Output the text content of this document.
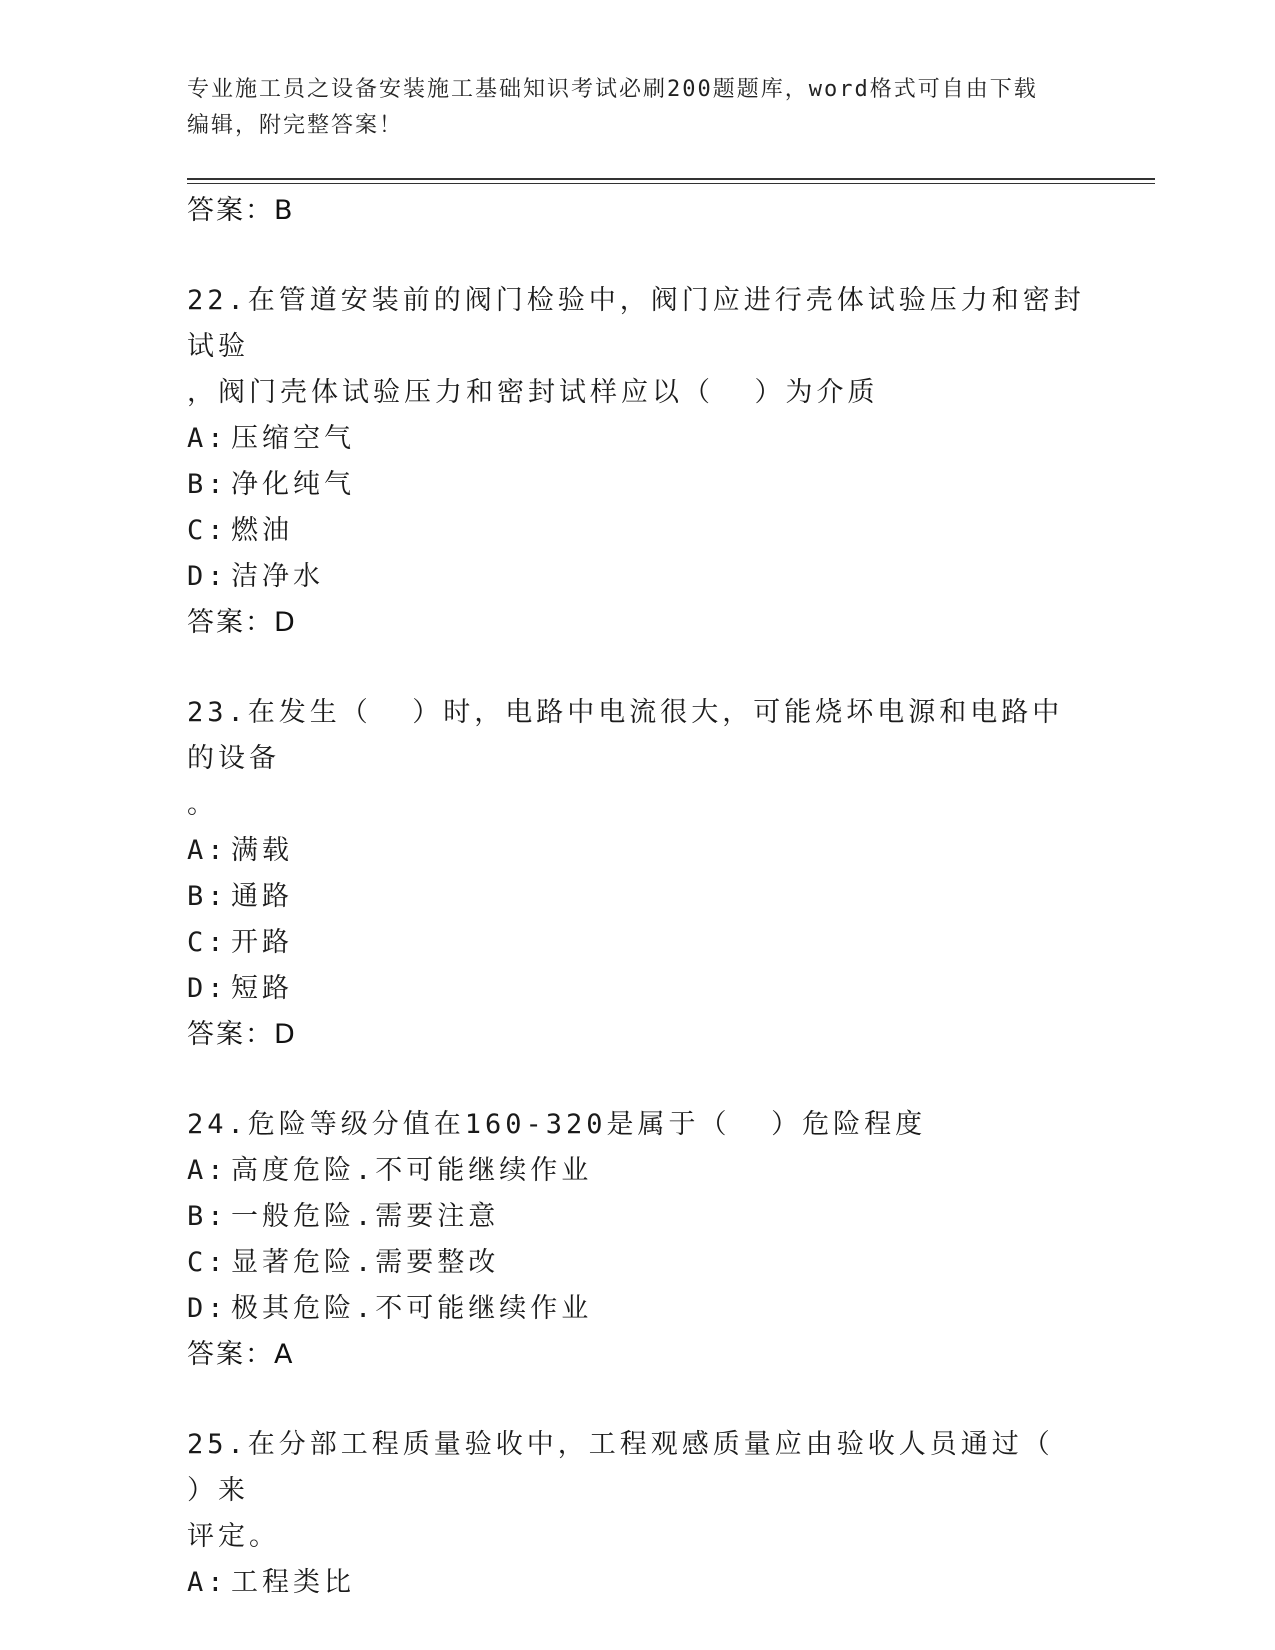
专业施工员之设备安装施工基础知识考试必刷200题题库，word格式可自由下载
编辑，附完整答案！
答案：B
22.在管道安装前的阀门检验中，阀门应进行壳体试验压力和密封试验
，阀门壳体试验压力和密封试样应以（  ）为介质
A: 压缩空气
B: 净化纯气
C: 燃油
D: 洁净水
答案：D
23.在发生（  ）时，电路中电流很大，可能烧坏电源和电路中的设备
。
A: 满载
B: 通路
C: 开路
D: 短路
答案：D
24.危险等级分值在160-320是属于（  ）危险程度
A: 高度危险.不可能继续作业
B: 一般危险.需要注意
C: 显著危险.需要整改
D: 极其危险.不可能继续作业
答案：A
25.在分部工程质量验收中，工程观感质量应由验收人员通过（  ）来
评定。
A: 工程类比
